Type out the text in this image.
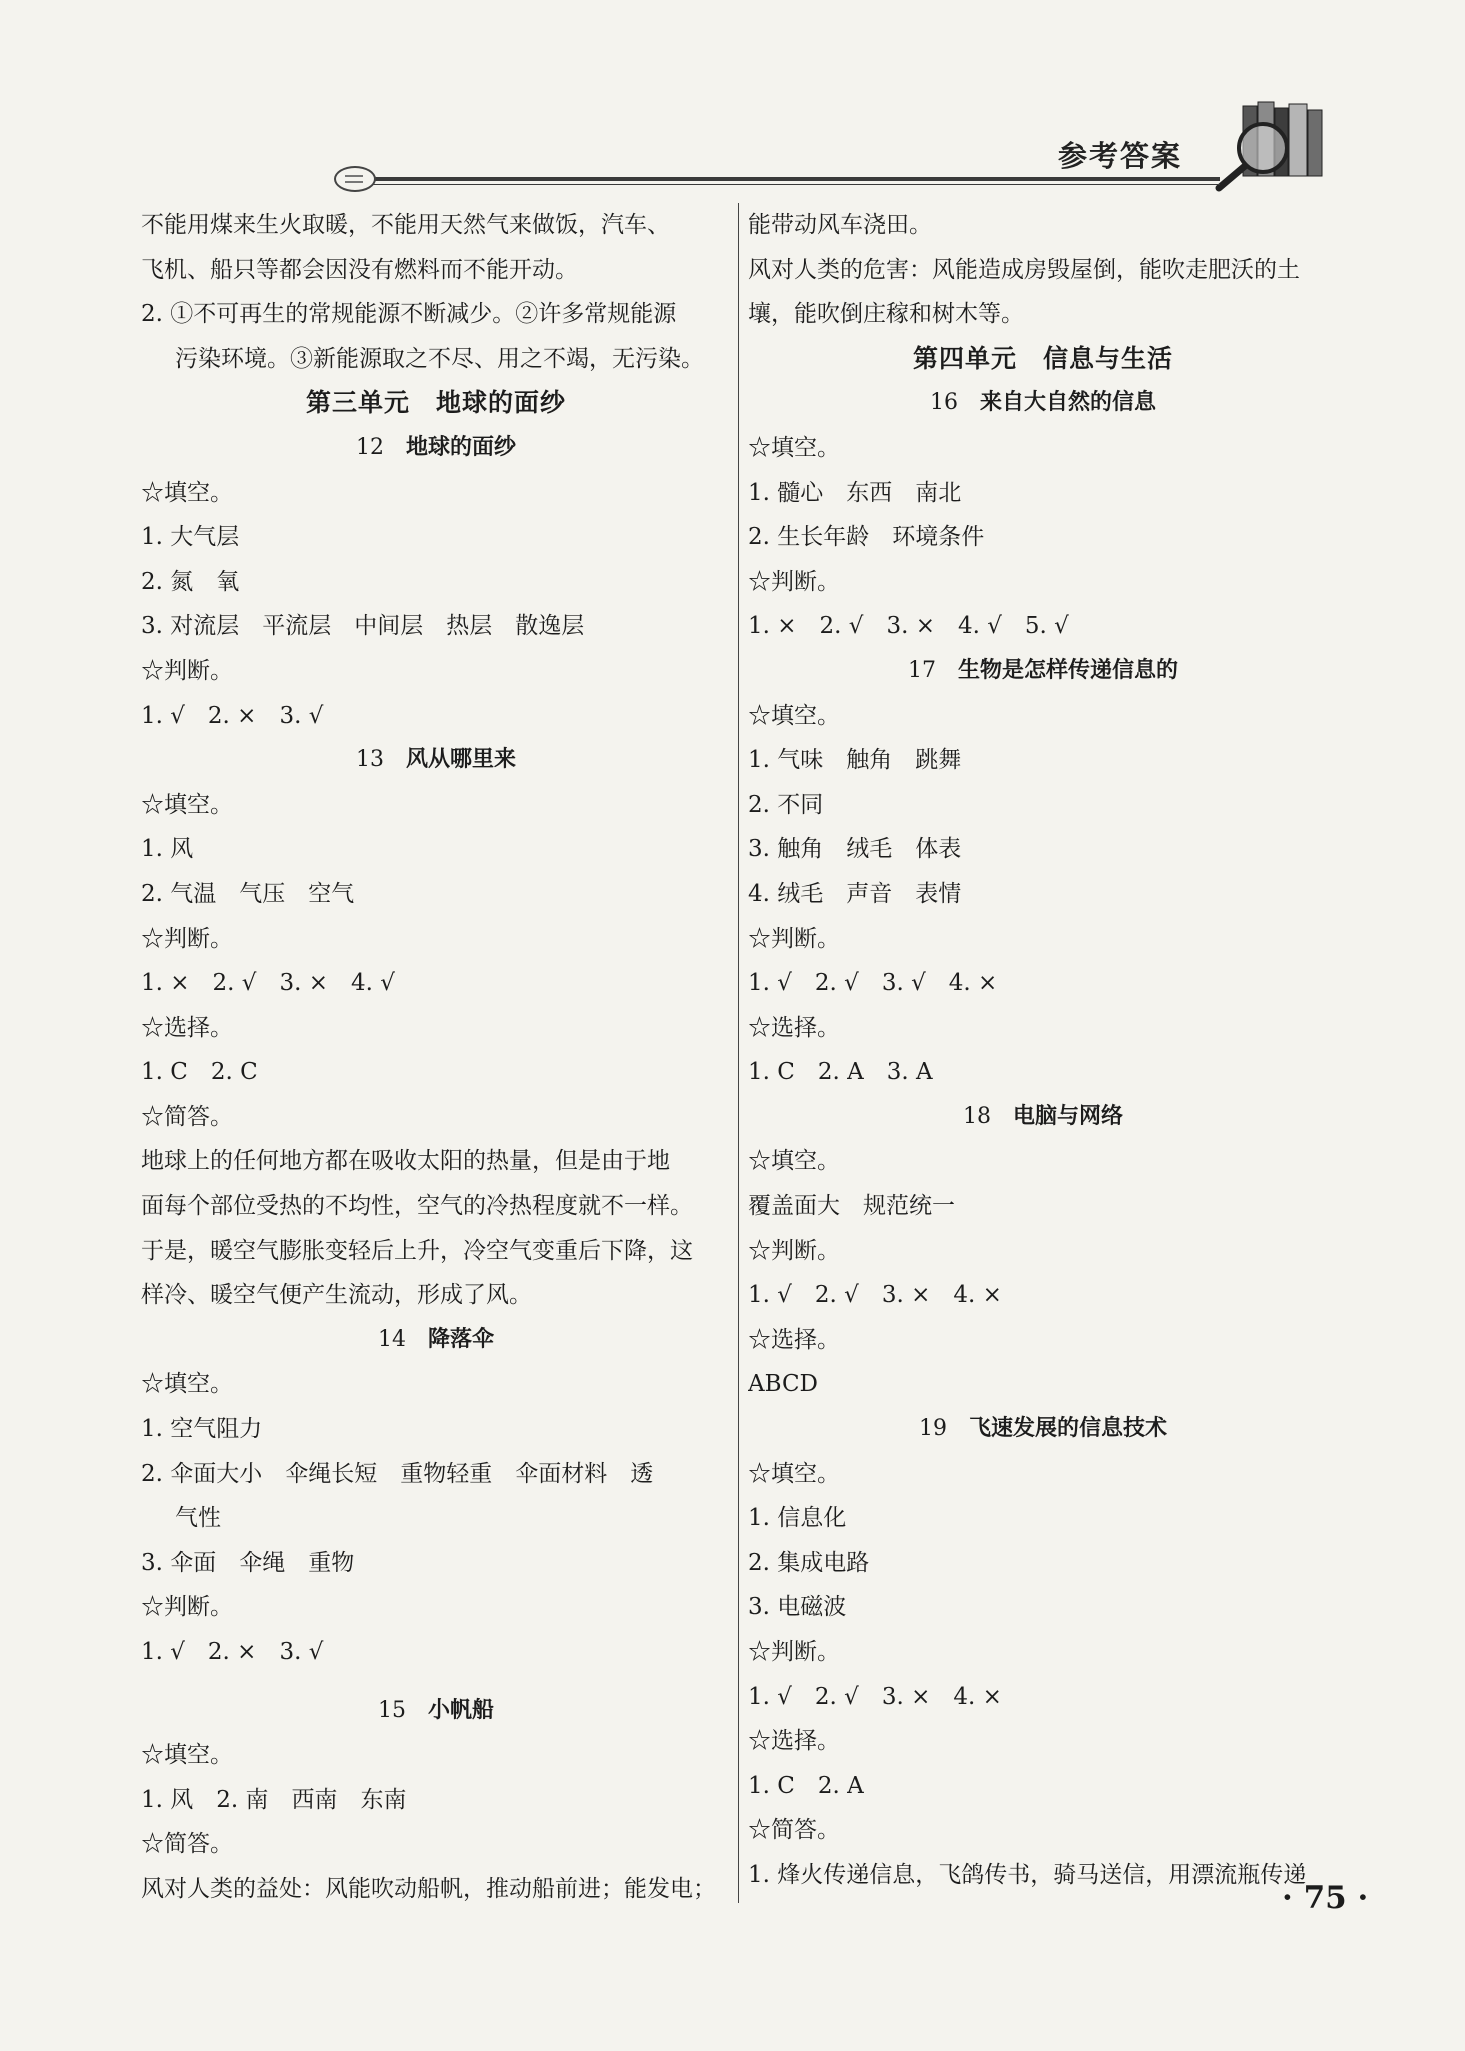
参考答案
不能用煤来生火取暖，不能用天然气来做饭，汽车、
飞机、船只等都会因没有燃料而不能开动。
2. ①不可再生的常规能源不断减少。②许多常规能源
污染环境。③新能源取之不尽、用之不竭，无污染。
第三单元　地球的面纱
12 地球的面纱
☆填空。
1. 大气层
2. 氮　氧
3. 对流层　平流层　中间层　热层　散逸层
☆判断。
1. √　2. ×　3. √
13 风从哪里来
☆填空。
1. 风
2. 气温　气压　空气
☆判断。
1. ×　2. √　3. ×　4. √
☆选择。
1. C　2. C
☆简答。
地球上的任何地方都在吸收太阳的热量，但是由于地
面每个部位受热的不均性，空气的冷热程度就不一样。
于是，暖空气膨胀变轻后上升，冷空气变重后下降，这
样冷、暖空气便产生流动，形成了风。
14 降落伞
☆填空。
1. 空气阻力
2. 伞面大小　伞绳长短　重物轻重　伞面材料　透
气性
3. 伞面　伞绳　重物
☆判断。
1. √　2. ×　3. √
15 小帆船
☆填空。
1. 风　2. 南　西南　东南
☆简答。
风对人类的益处：风能吹动船帆，推动船前进；能发电；
能带动风车浇田。
风对人类的危害：风能造成房毁屋倒，能吹走肥沃的土
壤，能吹倒庄稼和树木等。
第四单元　信息与生活
16 来自大自然的信息
☆填空。
1. 髓心　东西　南北
2. 生长年龄　环境条件
☆判断。
1. ×　2. √　3. ×　4. √　5. √
17 生物是怎样传递信息的
☆填空。
1. 气味　触角　跳舞
2. 不同
3. 触角　绒毛　体表
4. 绒毛　声音　表情
☆判断。
1. √　2. √　3. √　4. ×
☆选择。
1. C　2. A　3. A
18 电脑与网络
☆填空。
覆盖面大　规范统一
☆判断。
1. √　2. √　3. ×　4. ×
☆选择。
ABCD
19 飞速发展的信息技术
☆填空。
1. 信息化
2. 集成电路
3. 电磁波
☆判断。
1. √　2. √　3. ×　4. ×
☆选择。
1. C　2. A
☆简答。
1. 烽火传递信息，飞鸽传书，骑马送信，用漂流瓶传递
· 75 ·
